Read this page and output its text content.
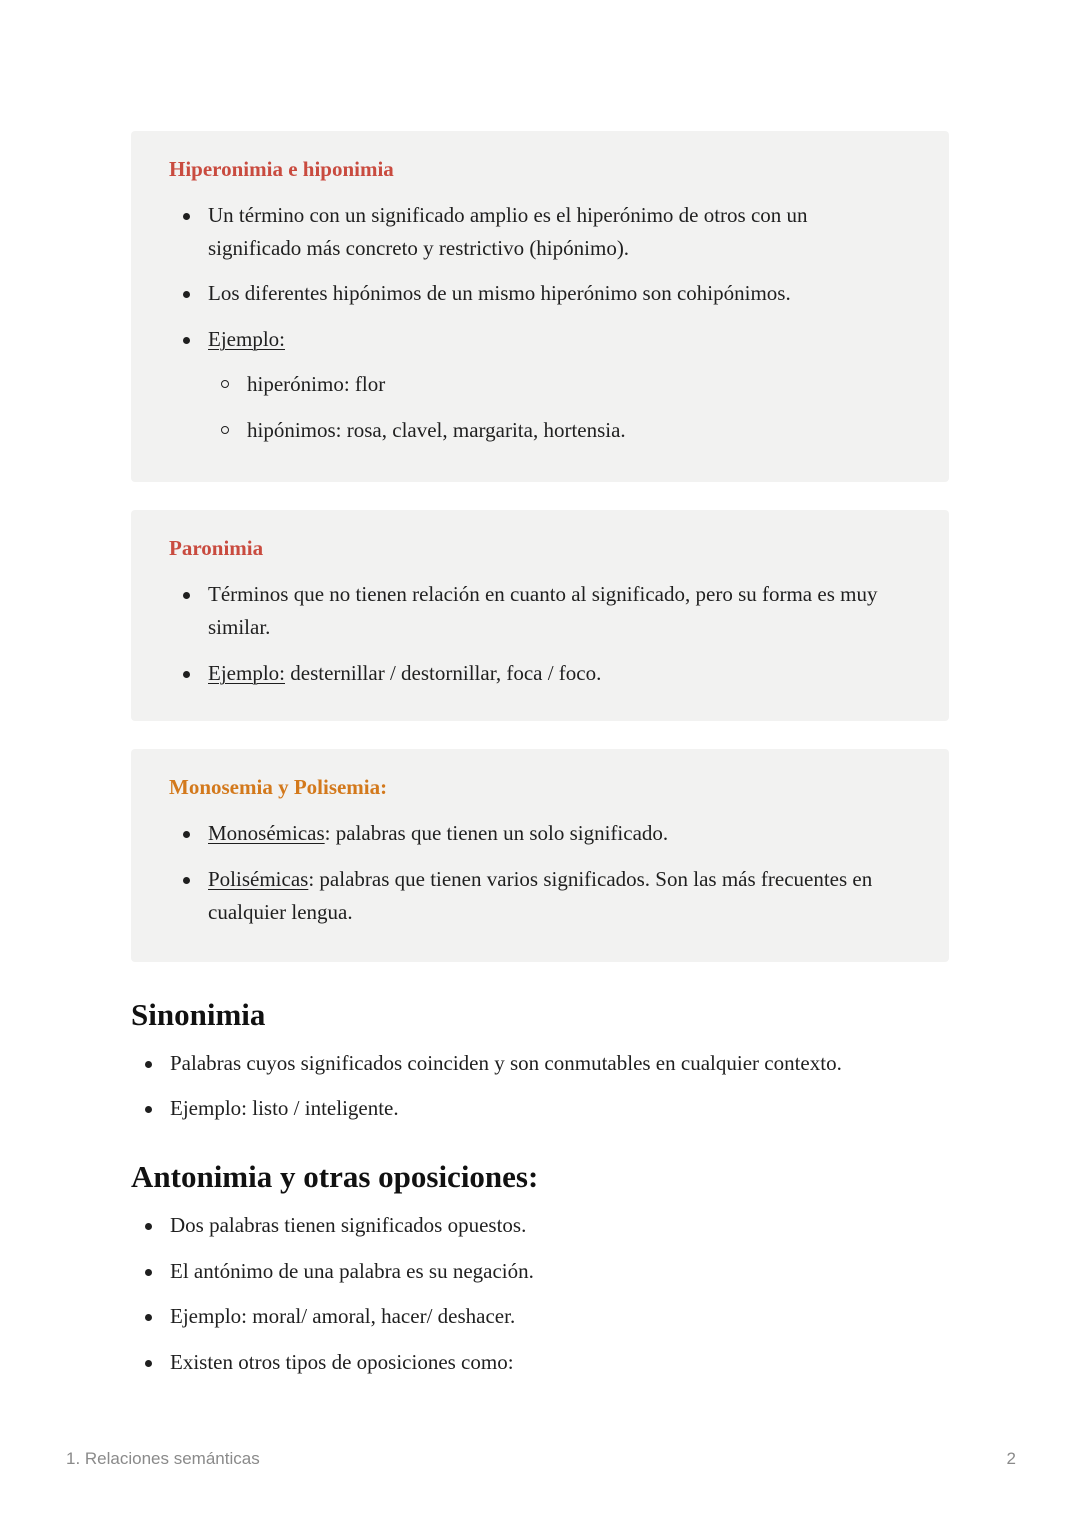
Hiperonimia e hiponimia

Un término con un significado amplio es el hiperónimo de otros con un significado más concreto y restrictivo (hipónimo).
Los diferentes hipónimos de un mismo hiperónimo son cohipónimos.
Ejemplo:
hiperónimo: flor
hipónimos: rosa, clavel, margarita, hortensia.

Paronimia

Términos que no tienen relación en cuanto al significado, pero su forma es muy similar.
Ejemplo: desternillar / destornillar, foca / foco.

Monosemia y Polisemia:

Monosémicas: palabras que tienen un solo significado.
Polisémicas: palabras que tienen varios significados. Son las más frecuentes en cualquier lengua.
Sinonimia
Palabras cuyos significados coinciden y son conmutables en cualquier contexto.
Ejemplo: listo / inteligente.
Antonimia y otras oposiciones:
Dos palabras tienen significados opuestos.
El antónimo de una palabra es su negación.
Ejemplo: moral/ amoral, hacer/ deshacer.
Existen otros tipos de oposiciones como:
1. Relaciones semánticas	2
